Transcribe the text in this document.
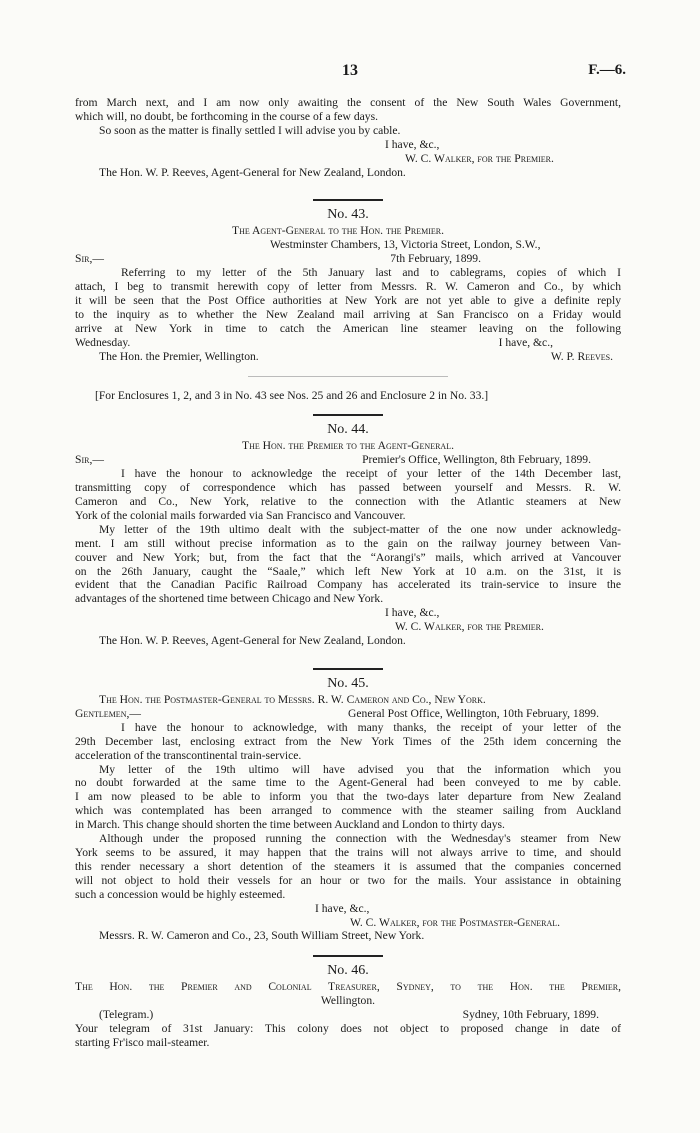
13	F.—6.

from March next, and I am now only awaiting the consent of the New South Wales Government,

which will, no doubt, be forthcoming in the course of a few days.

So soon as the matter is finally settled I will advise you by cable.

I have, &c.,

W. C. Walker, for the Premier.

The Hon. W. P. Reeves, Agent-General for New Zealand, London.

No. 43.

The Agent-General to the Hon. the Premier.

Westminster Chambers, 13, Victoria Street, London, S.W.,

Sir,—	7th February, 1899.

Referring to my letter of the 5th January last and to cablegrams, copies of which I

attach, I beg to transmit herewith copy of letter from Messrs. R. W. Cameron and Co., by which

it will be seen that the Post Office authorities at New York are not yet able to give a definite reply

to the inquiry as to whether the New Zealand mail arriving at San Francisco on a Friday would

arrive at New York in time to catch the American line steamer leaving on the following

Wednesday.	I have, &c.,
The Hon. the Premier, Wellington.	W. P. Reeves.

[For Enclosures 1, 2, and 3 in No. 43 see Nos. 25 and 26 and Enclosure 2 in No. 33.]

No. 44.

The Hon. the Premier to the Agent-General.

Sir,—	Premier's Office, Wellington, 8th February, 1899.

I have the honour to acknowledge the receipt of your letter of the 14th December last,

transmitting copy of correspondence which has passed between yourself and Messrs. R. W.

Cameron and Co., New York, relative to the connection with the Atlantic steamers at New

York of the colonial mails forwarded via San Francisco and Vancouver.

My letter of the 19th ultimo dealt with the subject-matter of the one now under acknowledg-

ment. I am still without precise information as to the gain on the railway journey between Van-

couver and New York; but, from the fact that the “Aorangi's” mails, which arrived at Vancouver

on the 26th January, caught the “Saale,” which left New York at 10 a.m. on the 31st, it is

evident that the Canadian Pacific Railroad Company has accelerated its train-service to insure the

advantages of the shortened time between Chicago and New York.

I have, &c.,

W. C. Walker, for the Premier.

The Hon. W. P. Reeves, Agent-General for New Zealand, London.

No. 45.

The Hon. the Postmaster-General to Messrs. R. W. Cameron and Co., New York.

Gentlemen,—	General Post Office, Wellington, 10th February, 1899.

I have the honour to acknowledge, with many thanks, the receipt of your letter of the

29th December last, enclosing extract from the New York Times of the 25th idem concerning the

acceleration of the transcontinental train-service.

My letter of the 19th ultimo will have advised you that the information which you

no doubt forwarded at the same time to the Agent-General had been conveyed to me by cable.

I am now pleased to be able to inform you that the two-days later departure from New Zealand

which was contemplated has been arranged to commence with the steamer sailing from Auckland

in March. This change should shorten the time between Auckland and London to thirty days.

Although under the proposed running the connection with the Wednesday's steamer from New

York seems to be assured, it may happen that the trains will not always arrive to time, and should

this render necessary a short detention of the steamers it is assumed that the companies concerned

will not object to hold their vessels for an hour or two for the mails. Your assistance in obtaining

such a concession would be highly esteemed.

I have, &c.,

W. C. Walker, for the Postmaster-General.

Messrs. R. W. Cameron and Co., 23, South William Street, New York.

No. 46.

The Hon. the Premier and Colonial Treasurer, Sydney, to the Hon. the Premier,

Wellington.

(Telegram.)	Sydney, 10th February, 1899.

Your telegram of 31st January: This colony does not object to proposed change in date of

starting Fr'isco mail-steamer.
